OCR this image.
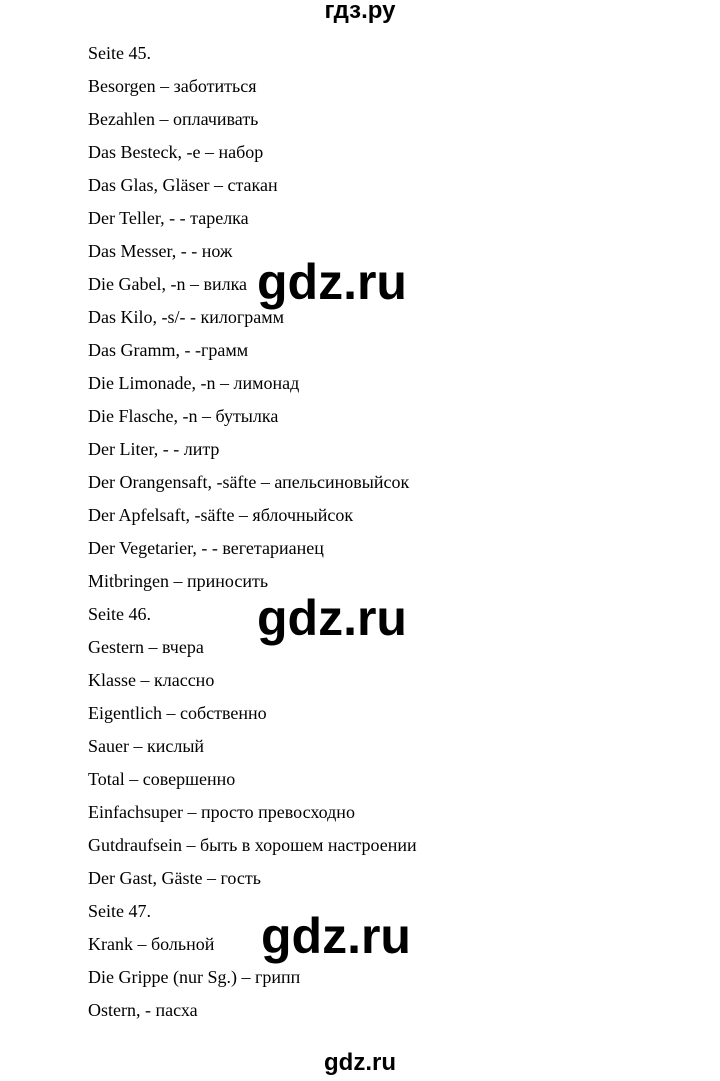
гдз.ру
Seite 45.
Besorgen – заботиться
Bezahlen – оплачивать
Das Besteck, -e – набор
Das Glas, Gläser – стакан
Der Teller, - - тарелка
Das Messer, - - нож
Die Gabel, -n – вилка
Das Kilo, -s/- - килограмм
Das Gramm, - -грамм
Die Limonade, -n – лимонад
Die Flasche, -n – бутылка
Der Liter, - - литр
Der Orangensaft, -säfte – апельсиновыйсок
Der Apfelsaft, -säfte – яблочныйсок
Der Vegetarier, - - вегетарианец
Mitbringen – приносить
Seite 46.
Gestern – вчера
Klasse – классно
Eigentlich – собственно
Sauer – кислый
Total – совершенно
Einfachsuper – просто превосходно
Gutdraufsein – быть в хорошем настроении
Der Gast, Gäste – гость
Seite 47.
Krank – больной
Die Grippe (nur Sg.) – грипп
Ostern, - пасха
gdz.ru
gdz.ru
gdz.ru
gdz.ru
